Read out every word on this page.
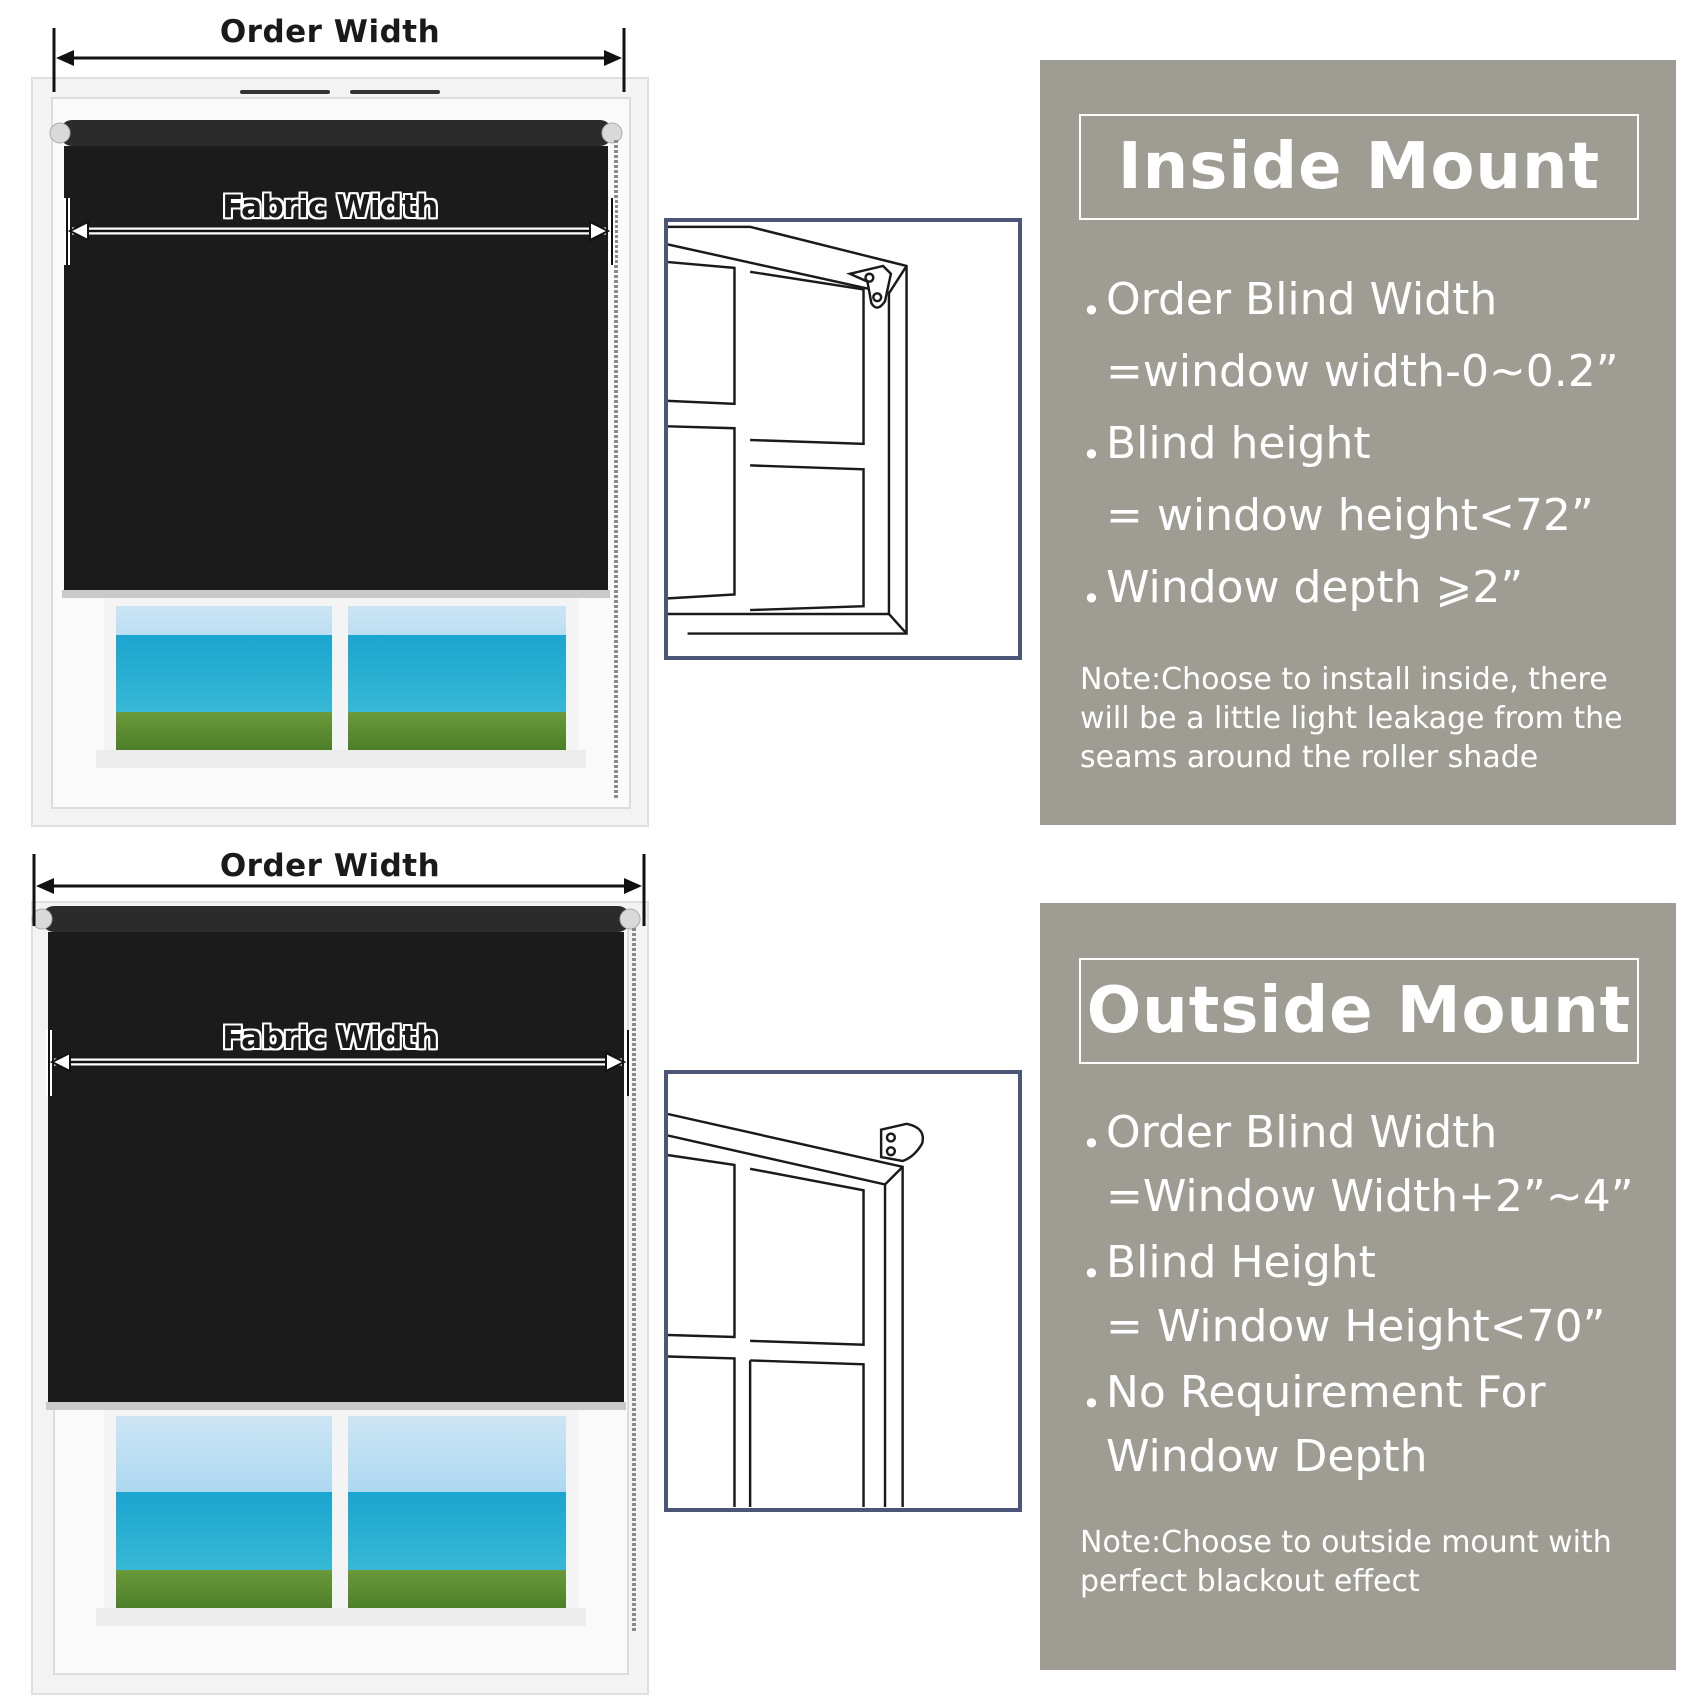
Order Width
Fabric Width
Inside Mount
• Order Blind Width
=window width-0~0.2”
• Blind height
= window height<72”
• Window depth ⩾2”
Note:Choose to install inside, there will be a little light leakage from the seams around the roller shade
Order Width
Fabric Width	Outside Mount
• Order Blind Width
=Window Width+2”~4”
• Blind Height
= Window Height<70”
• No Requirement For
Window Depth
Note:Choose to outside mount with perfect blackout effect
